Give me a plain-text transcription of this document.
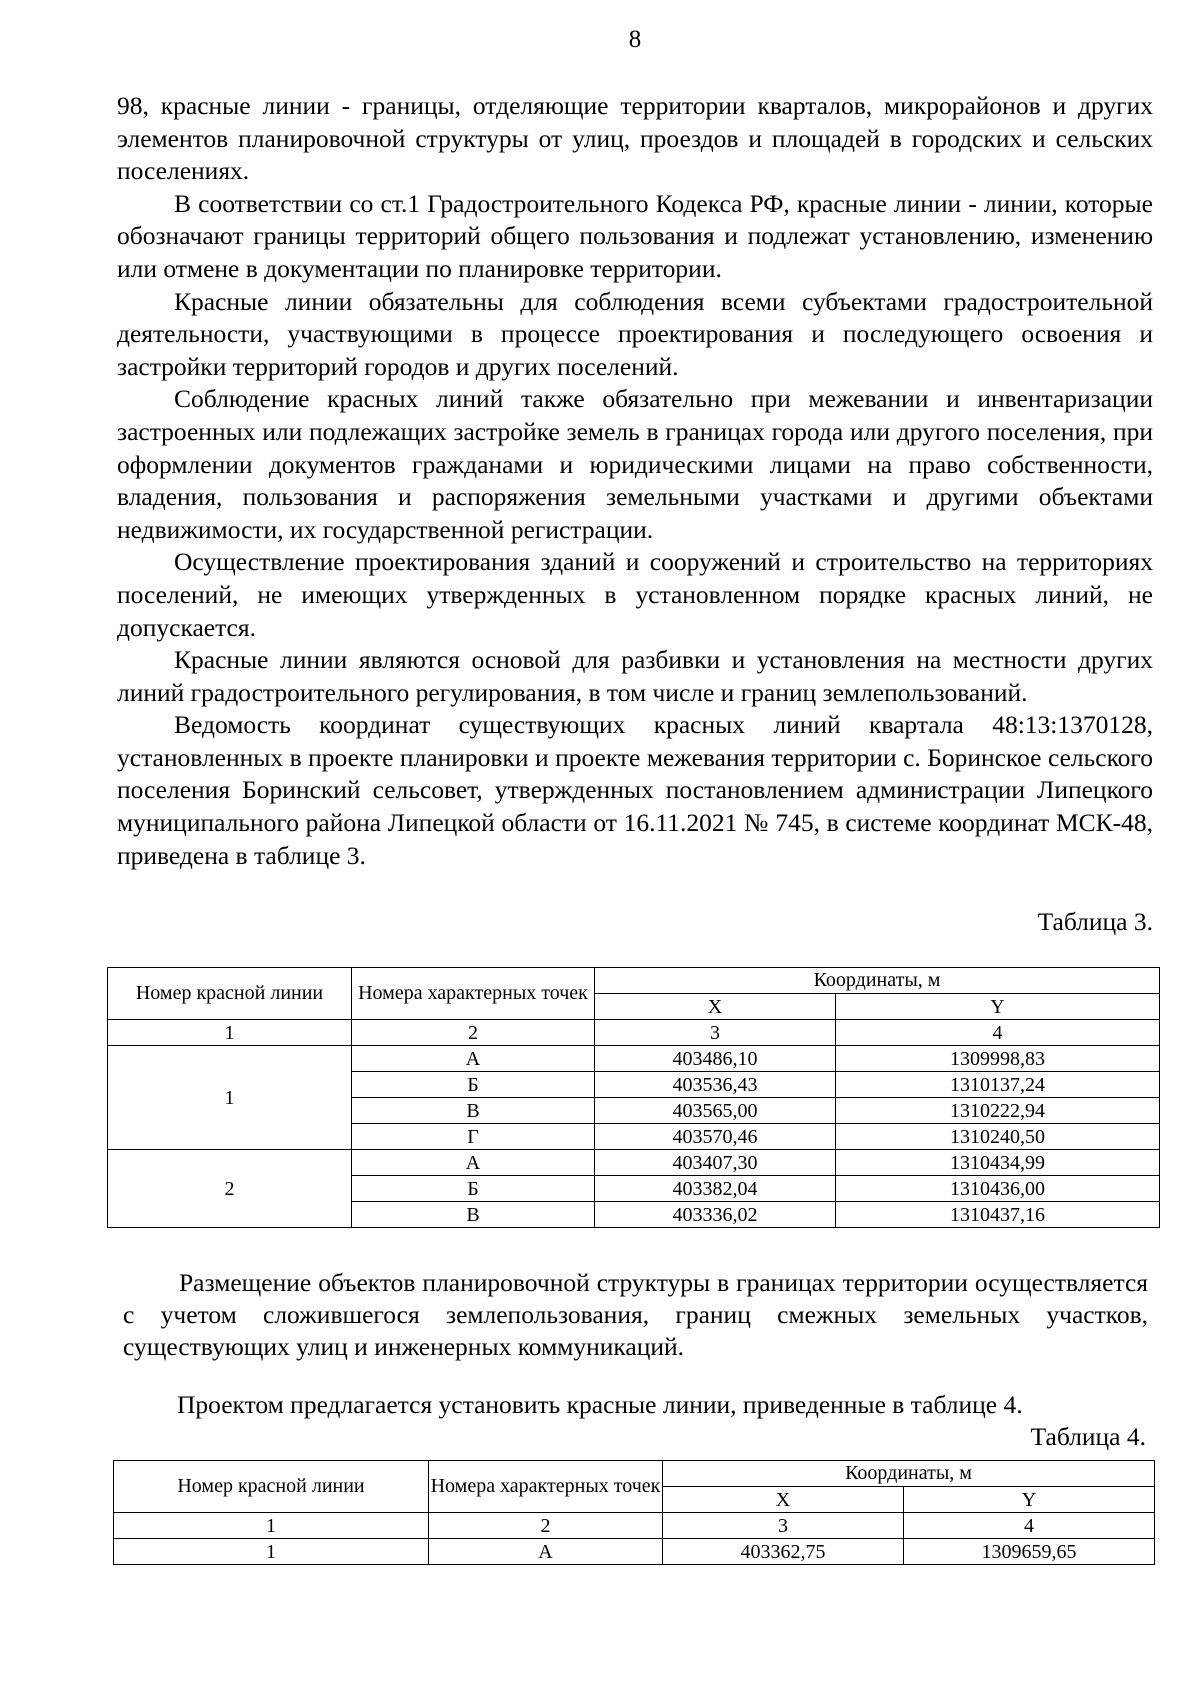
8

98, красные линии - границы, отделяющие территории кварталов, микрорайонов и других элементов планировочной структуры от улиц, проездов и площадей в городских и сельских поселениях.

В соответствии со ст.1 Градостроительного Кодекса РФ, красные линии - линии, которые обозначают границы территорий общего пользования и подлежат установлению, изменению или отмене в документации по планировке территории.

Красные линии обязательны для соблюдения всеми субъектами градостроительной деятельности, участвующими в процессе проектирования и последующего освоения и застройки территорий городов и других поселений.

Соблюдение красных линий также обязательно при межевании и инвентаризации застроенных или подлежащих застройке земель в границах города или другого поселения, при оформлении документов гражданами и юридическими лицами на право собственности, владения, пользования и распоряжения земельными участками и другими объектами недвижимости, их государственной регистрации.

Осуществление проектирования зданий и сооружений и строительство на территориях поселений, не имеющих утвержденных в установленном порядке красных линий, не допускается.

Красные линии являются основой для разбивки и установления на местности других линий градостроительного регулирования, в том числе и границ землепользований.

Ведомость координат существующих красных линий квартала 48:13:1370128, установленных в проекте планировки и проекте межевания территории с. Боринское сельского поселения Боринский сельсовет, утвержденных постановлением администрации Липецкого муниципального района Липецкой области от 16.11.2021 № 745, в системе координат МСК-48, приведена в таблице 3.

Таблица 3.
Номер красной линии	Номера характерных точек	Координаты, м	
		X	Y
1	2	3	4
1	А	403486,10	1309998,83
	Б	403536,43	1310137,24
	В	403565,00	1310222,94
	Г	403570,46	1310240,50
2	А	403407,30	1310434,99
	Б	403382,04	1310436,00
	В	403336,02	1310437,16

Размещение объектов планировочной структуры в границах территории осуществляется с учетом сложившегося землепользования, границ смежных земельных участков, существующих улиц и инженерных коммуникаций.

Проектом предлагается установить красные линии, приведенные в таблице 4.
Таблица 4.
Номер красной линии	Номера характерных точек	Координаты, м	
		X	Y
1	2	3	4
1	А	403362,75	1309659,65
